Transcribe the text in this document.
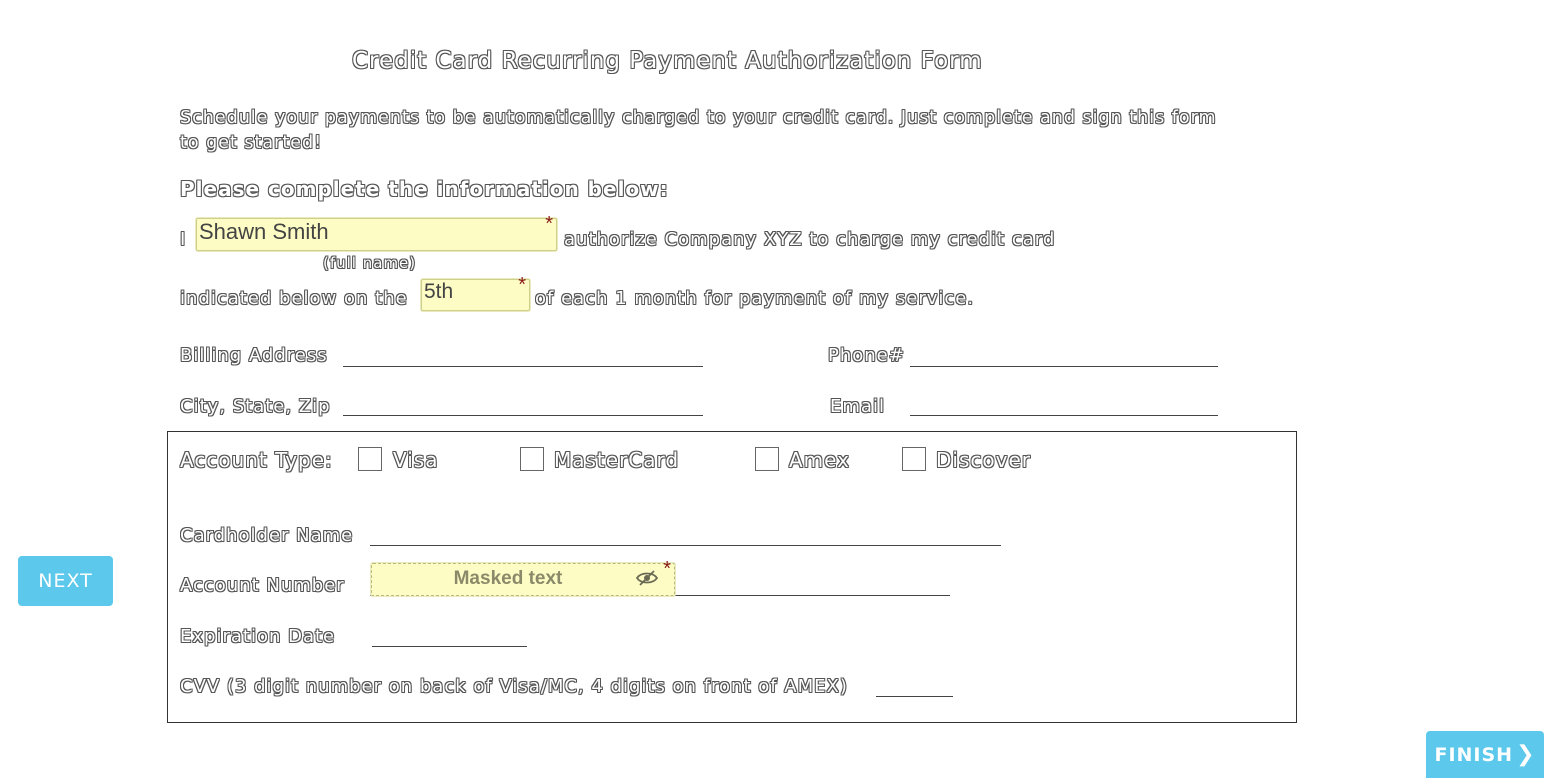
Credit Card Recurring Payment Authorization Form
Schedule your payments to be automatically charged to your credit card. Just complete and sign this form to get started!
Please complete the information below:
I Shawn Smith	*
authorize Company XYZ to charge my credit card
(full name)
indicated below on the 5th	*
of each 1 month for payment of my service.
Billing Address	Phone#
City, State, Zip	Email
Account Type:	Visa	MasterCard	Amex	Discover
Cardholder Name
Account Number	Masked text	*
Expiration Date
CVV (3 digit number on back of Visa/MC, 4 digits on front of AMEX)
NEXT
FINISH ❯
